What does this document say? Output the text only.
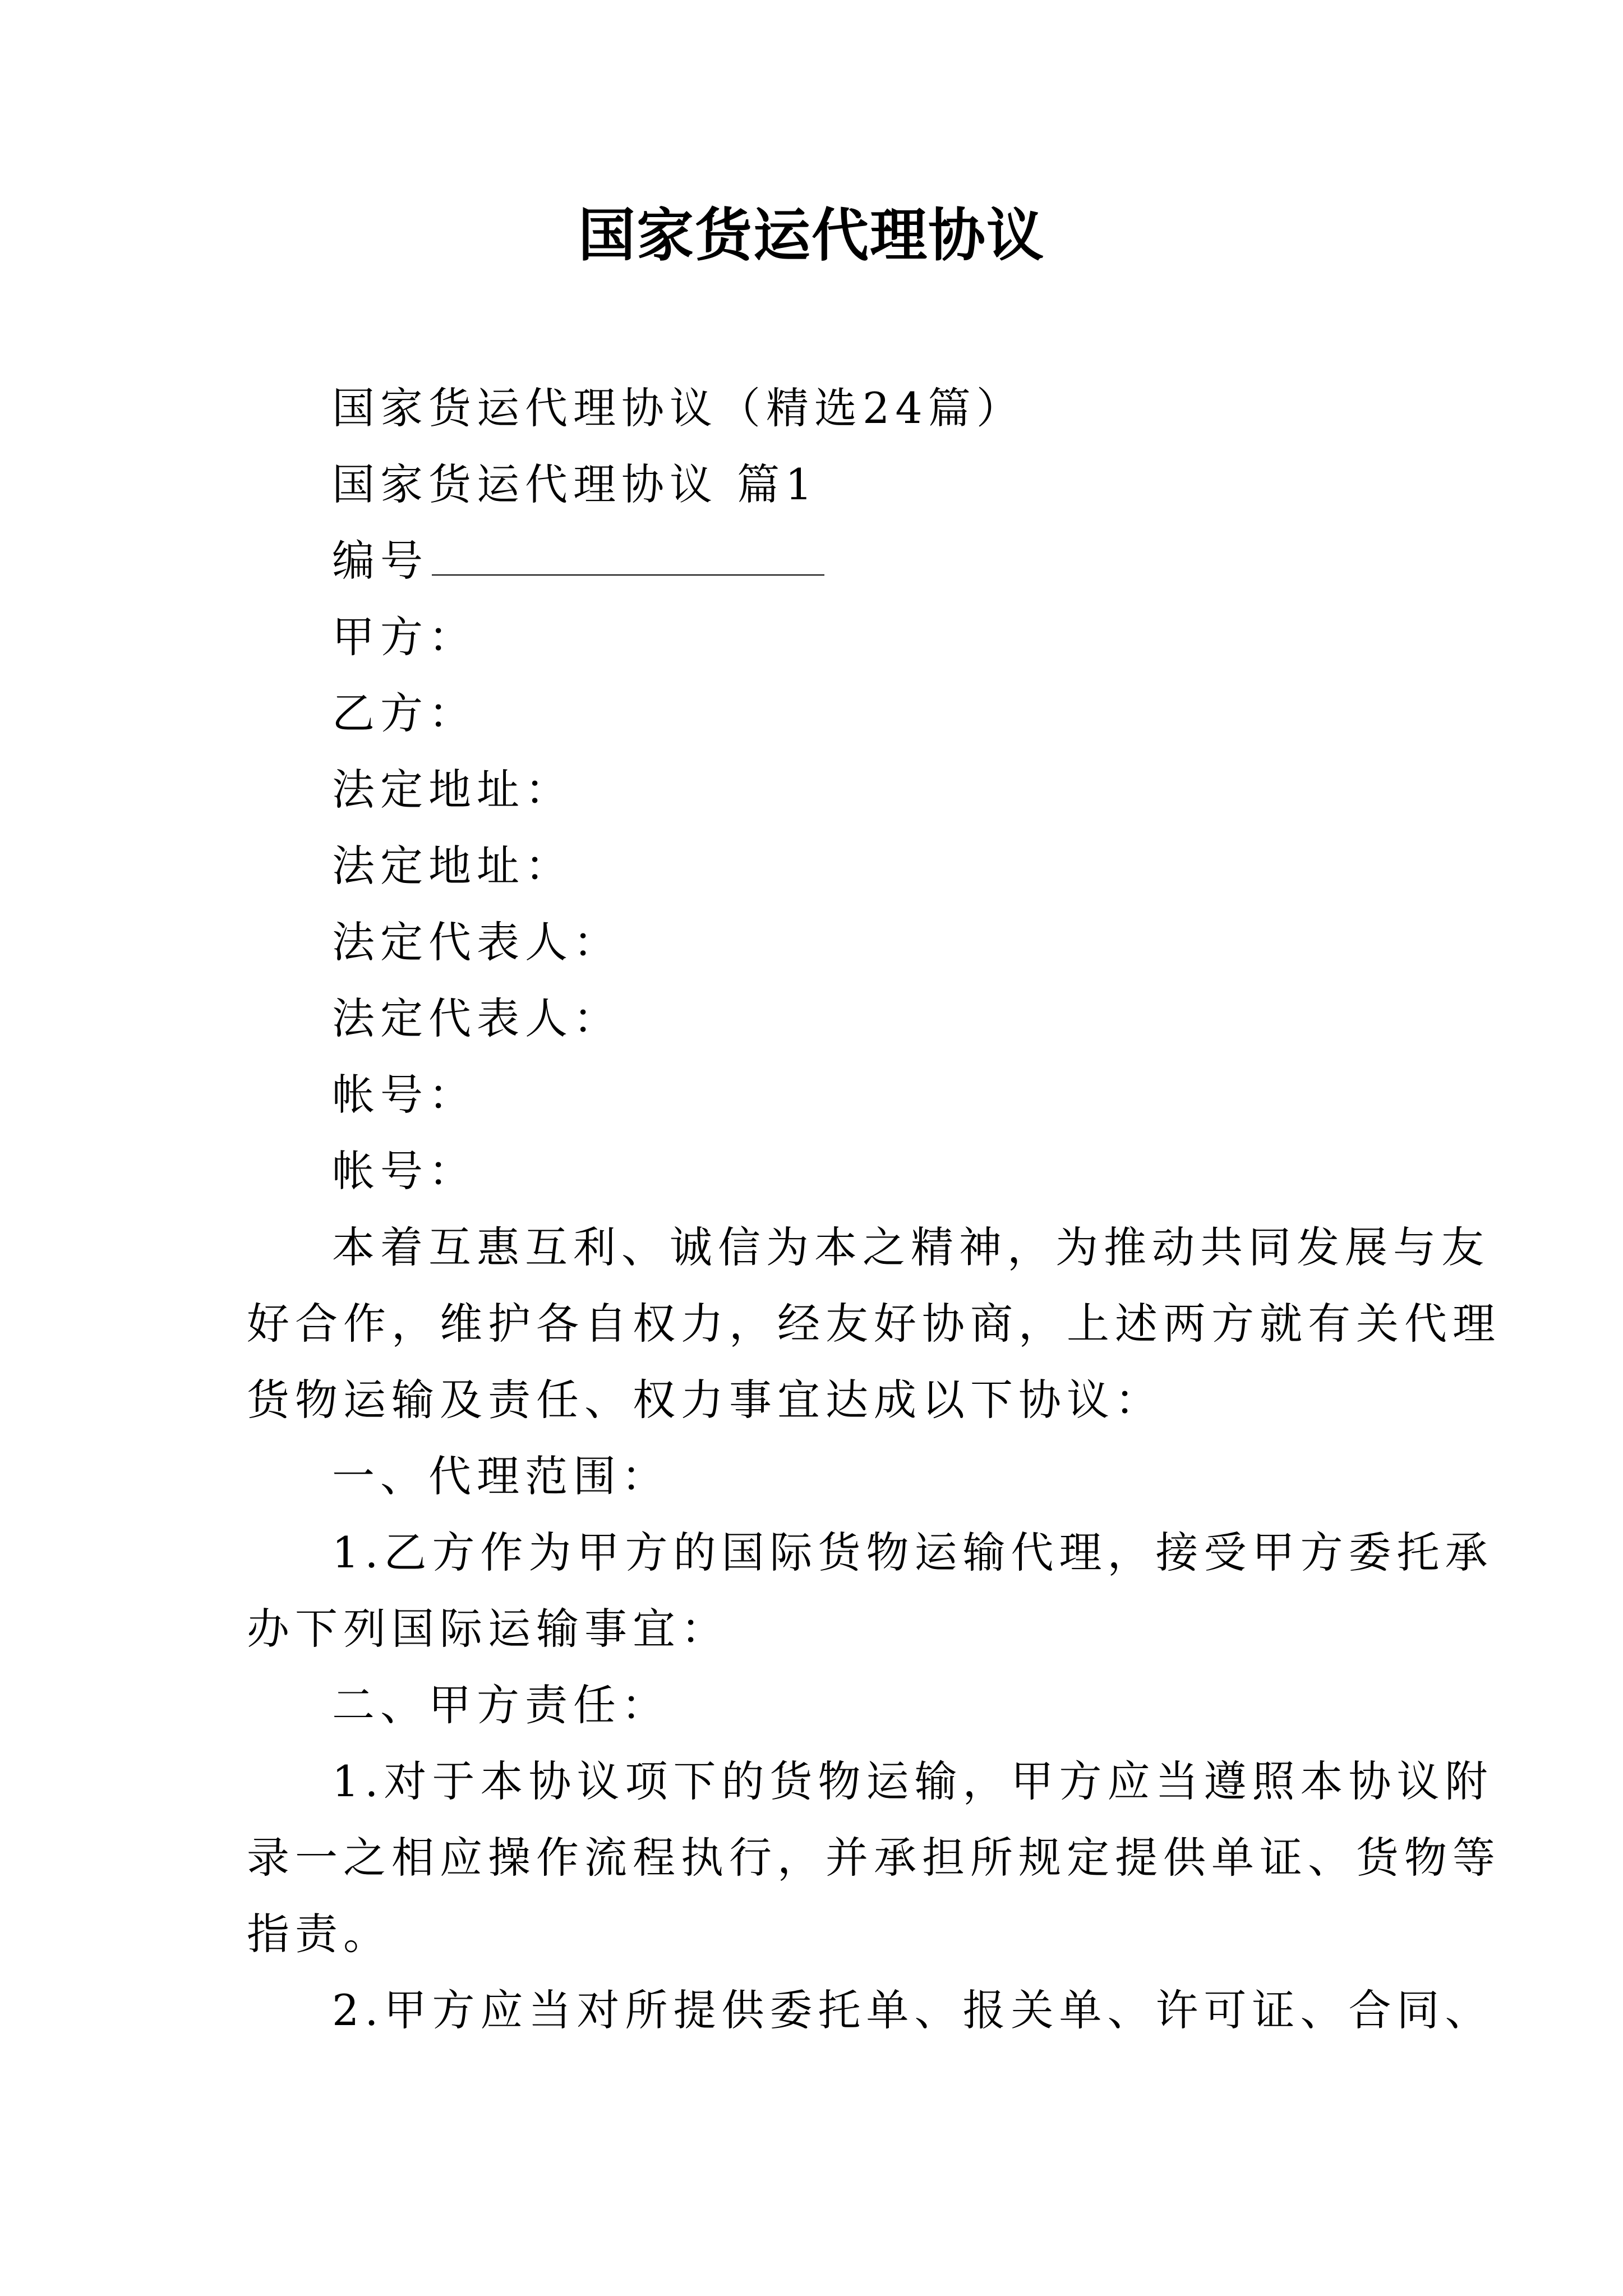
国家货运代理协议

国家货运代理协议（精选24篇）

国家货运代理协议 篇1

编号

甲方：

乙方：

法定地址：

法定地址：

法定代表人：

法定代表人：

帐号：

帐号：

本着互惠互利、诚信为本之精神，为推动共同发展与友

好合作，维护各自权力，经友好协商，上述两方就有关代理

货物运输及责任、权力事宜达成以下协议：

一、代理范围：

1.乙方作为甲方的国际货物运输代理，接受甲方委托承

办下列国际运输事宜：

二、甲方责任：

1.对于本协议项下的货物运输，甲方应当遵照本协议附

录一之相应操作流程执行，并承担所规定提供单证、货物等

指责。

2.甲方应当对所提供委托单、报关单、许可证、合同、
